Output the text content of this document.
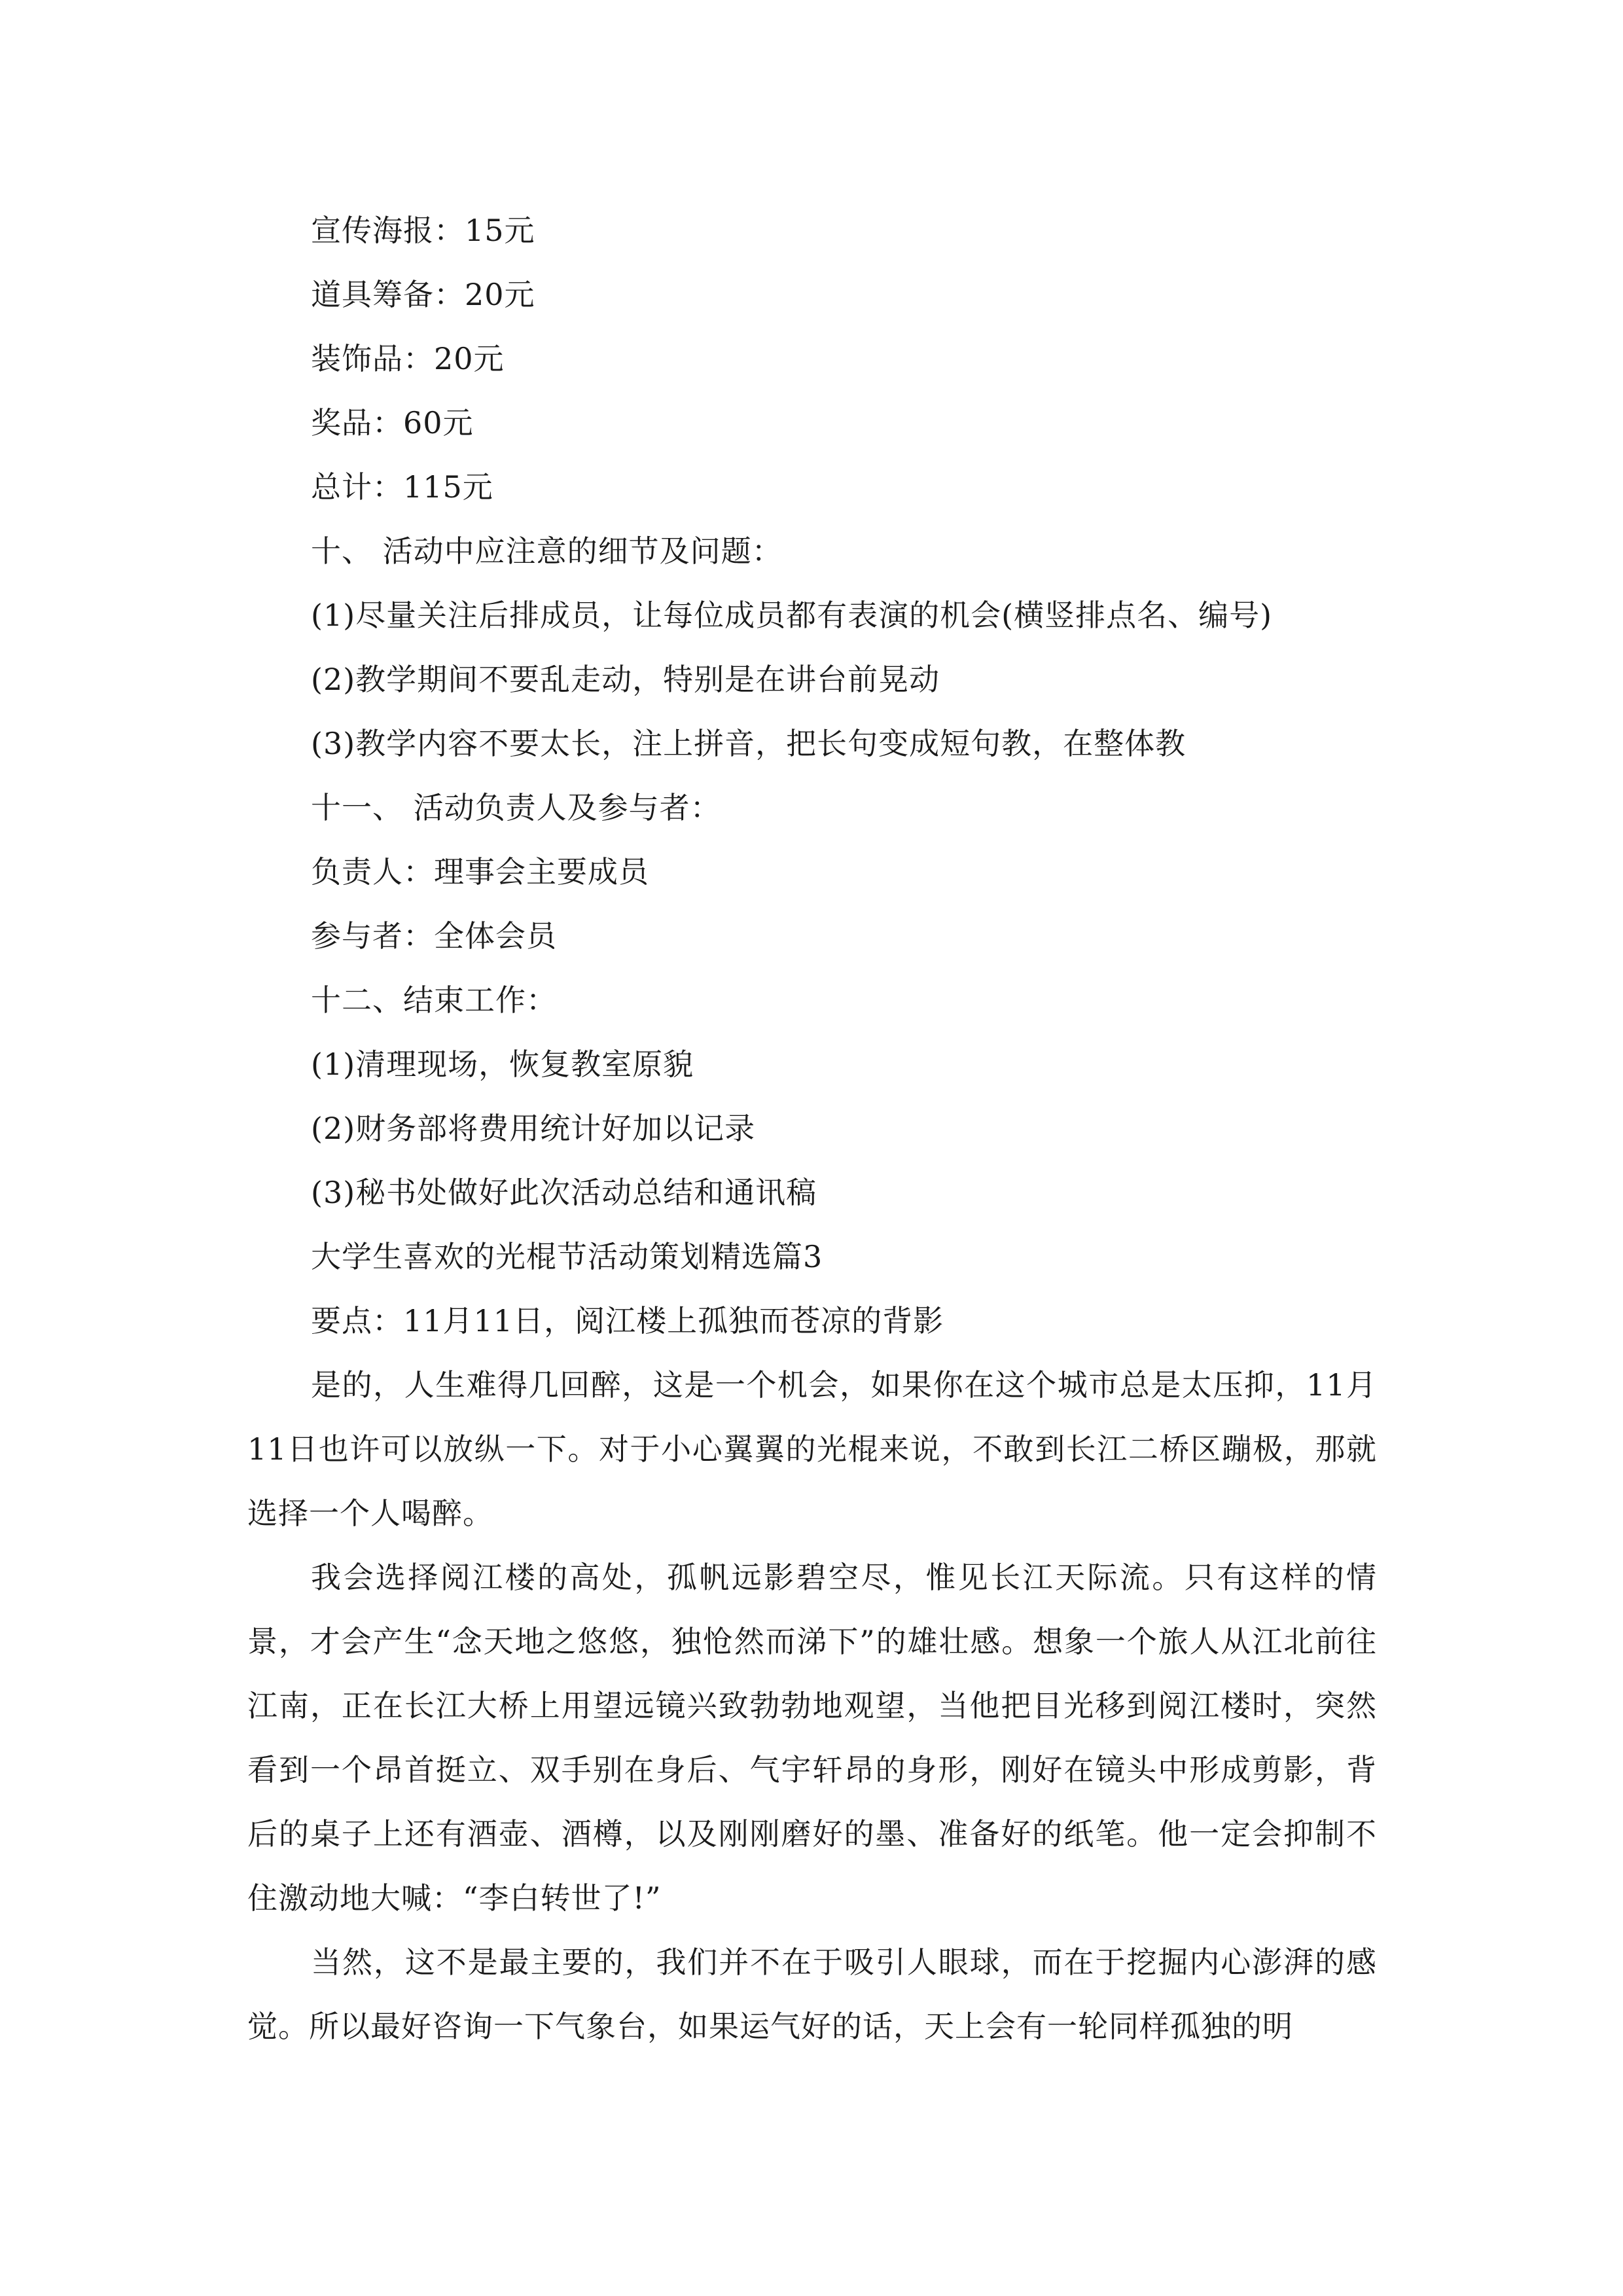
宣传海报：15元
道具筹备：20元
装饰品：20元
奖品：60元
总计：115元
十、 活动中应注意的细节及问题：
(1)尽量关注后排成员，让每位成员都有表演的机会(横竖排点名、编号)
(2)教学期间不要乱走动，特别是在讲台前晃动
(3)教学内容不要太长，注上拼音，把长句变成短句教，在整体教
十一、 活动负责人及参与者：
负责人：理事会主要成员
参与者：全体会员
十二、结束工作：
(1)清理现场，恢复教室原貌
(2)财务部将费用统计好加以记录
(3)秘书处做好此次活动总结和通讯稿
大学生喜欢的光棍节活动策划精选篇3
要点：11月11日，阅江楼上孤独而苍凉的背影
是的，人生难得几回醉，这是一个机会，如果你在这个城市总是太压抑，11月11日也许可以放纵一下。对于小心翼翼的光棍来说，不敢到长江二桥区蹦极，那就选择一个人喝醉。
我会选择阅江楼的高处，孤帆远影碧空尽，惟见长江天际流。只有这样的情景，才会产生“念天地之悠悠，独怆然而涕下”的雄壮感。想象一个旅人从江北前往江南，正在长江大桥上用望远镜兴致勃勃地观望，当他把目光移到阅江楼时，突然看到一个昂首挺立、双手别在身后、气宇轩昂的身形，刚好在镜头中形成剪影，背后的桌子上还有酒壶、酒樽，以及刚刚磨好的墨、准备好的纸笔。他一定会抑制不住激动地大喊：“李白转世了!”
当然，这不是最主要的，我们并不在于吸引人眼球，而在于挖掘内心澎湃的感觉。所以最好咨询一下气象台，如果运气好的话，天上会有一轮同样孤独的明
